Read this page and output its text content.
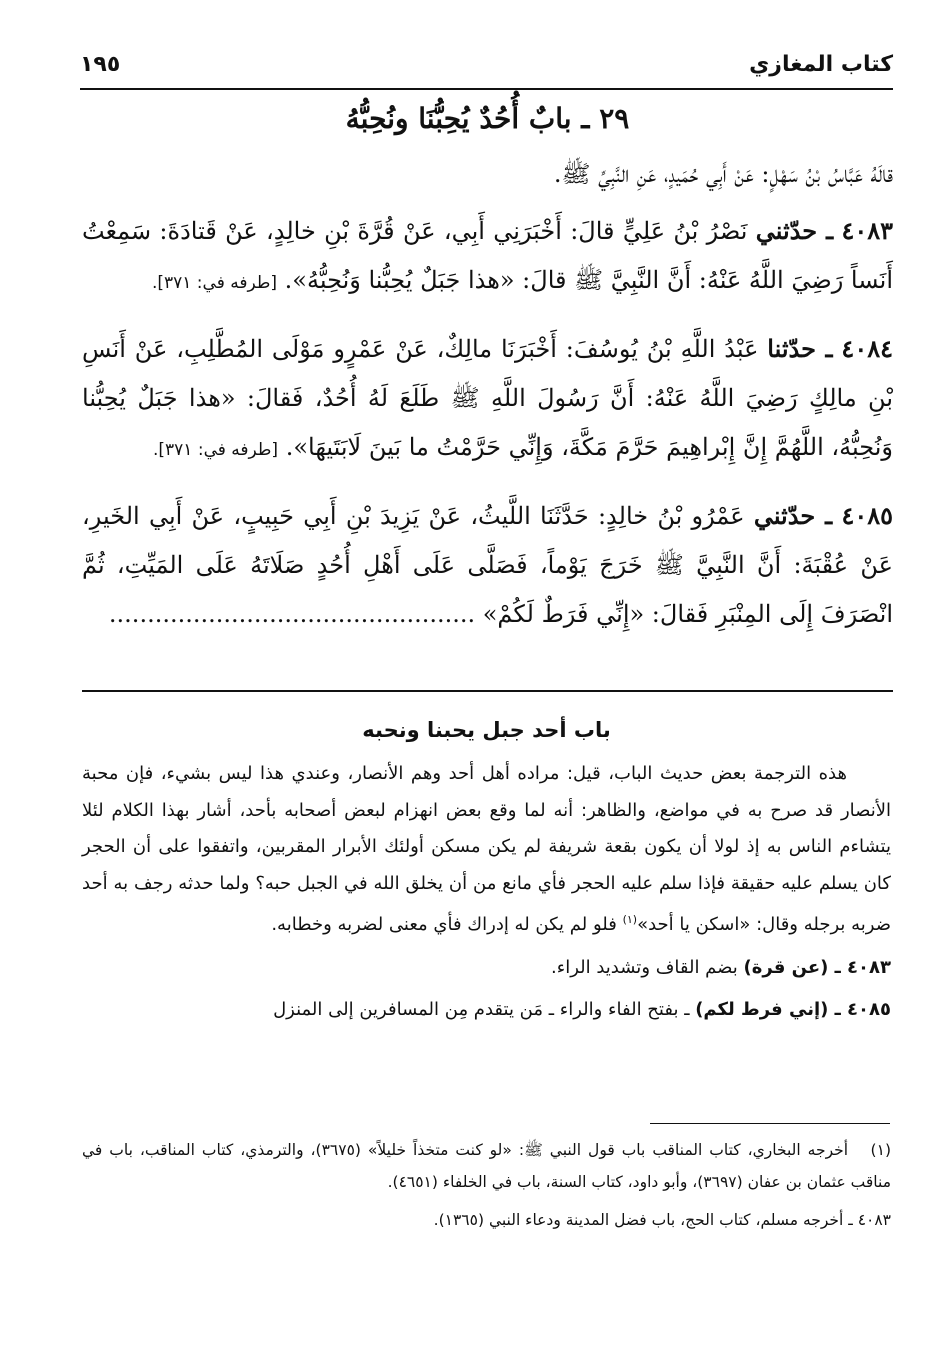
كتاب المغازي
١٩٥
٢٩ ـ بابٌ أُحُدٌ يُحِبُّنَا ونُحِبُّهُ

قالَهُ عَبَّاسُ بْنُ سَهْلٍ: عَنْ أَبِي حُمَيدٍ، عَنِ النَّبِيِّ ﷺ.

٤٠٨٣ ـ حدّثني نَصْرُ بْنُ عَلِيٍّ قالَ: أَخْبَرَنِي أَبِي، عَنْ قُرَّةَ بْنِ خالِدٍ، عَنْ قَتادَةَ: سَمِعْتُ أَنَساً رَضِيَ اللَّهُ عَنْهُ: أَنَّ النَّبِيَّ ﷺ قالَ: «هذا جَبَلٌ يُحِبُّنا وَنُحِبُّهُ». [طرفه في: ٣٧١].

٤٠٨٤ ـ حدّثنا عَبْدُ اللَّهِ بْنُ يُوسُفَ: أَخْبَرَنَا مالِكٌ، عَنْ عَمْرٍو مَوْلَى المُطَّلِبِ، عَنْ أَنَسِ بْنِ مالِكٍ رَضِيَ اللَّهُ عَنْهُ: أَنَّ رَسُولَ اللَّهِ ﷺ طَلَعَ لَهُ أُحُدٌ، فَقالَ: «هذا جَبَلٌ يُحِبُّنا وَنُحِبُّهُ، اللَّهُمَّ إِنَّ إِبْراهِيمَ حَرَّمَ مَكَّةَ، وَإِنِّي حَرَّمْتُ ما بَينَ لَابَتَيهَا». [طرفه في: ٣٧١].

٤٠٨٥ ـ حدّثني عَمْرُو بْنُ خالِدٍ: حَدَّثَنَا اللَّيثُ، عَنْ يَزِيدَ بْنِ أَبِي حَبِيبٍ، عَنْ أَبِي الخَيرِ، عَنْ عُقْبَةَ: أَنَّ النَّبِيَّ ﷺ خَرَجَ يَوْماً، فَصَلَّى عَلَى أَهْلِ أُحُدٍ صَلَاتَهُ عَلَى المَيِّتِ، ثُمَّ انْصَرَفَ إِلَى المِنْبَرِ فَقالَ: «إِنِّي فَرَطٌ لَكُمْ» ................................................

باب أحد جبل يحبنا ونحبه

هذه الترجمة بعض حديث الباب، قيل: مراده أهل أحد وهم الأنصار، وعندي هذا ليس بشيء، فإن محبة الأنصار قد صرح به في مواضع، والظاهر: أنه لما وقع بعض انهزام لبعض أصحابه بأحد، أشار بهذا الكلام لئلا يتشاءم الناس به إذ لولا أن يكون بقعة شريفة لم يكن مسكن أولئك الأبرار المقربين، واتفقوا على أن الحجر كان يسلم عليه حقيقة فإذا سلم عليه الحجر فأي مانع من أن يخلق الله في الجبل حبه؟ ولما حدثه رجف به أحد ضربه برجله وقال: «اسكن يا أحد»$^{(١)}$ فلو لم يكن له إدراك فأي معنى لضربه وخطابه.

٤٠٨٣ ـ (عن قرة) بضم القاف وتشديد الراء.

٤٠٨٥ ـ (إني فرط لكم) ـ بفتح الفاء والراء ـ مَن يتقدم مِن المسافرين إلى المنزل

(١) أخرجه البخاري، كتاب المناقب باب قول النبي ﷺ: «لو كنت متخذاً خليلاً» (٣٦٧٥)، والترمذي، كتاب المناقب، باب في مناقب عثمان بن عفان (٣٦٩٧)، وأبو داود، كتاب السنة، باب في الخلفاء (٤٦٥١).

٤٠٨٣ ـ أخرجه مسلم، كتاب الحج، باب فضل المدينة ودعاء النبي (١٣٦٥).
